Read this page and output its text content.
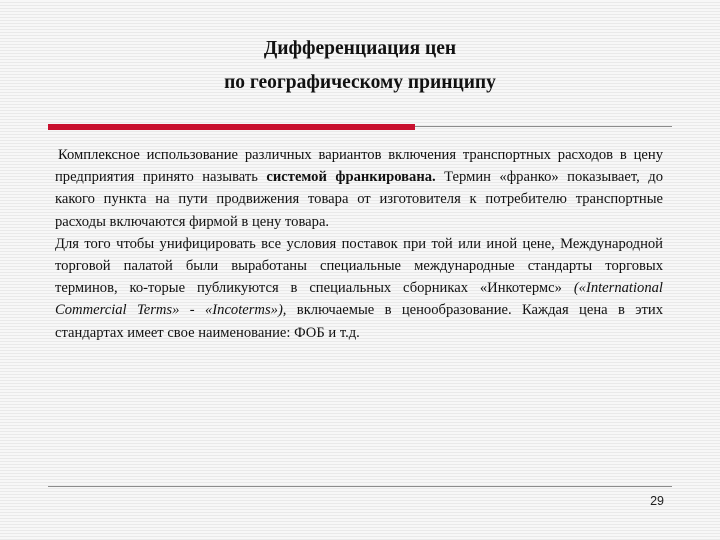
Дифференциация цен
по географическому принципу

Комплексное использование различных вариантов включения транспортных расходов в цену предприятия принято называть системой франкирована. Термин «франко» показывает, до какого пункта на пути продвижения товара от изготовителя к потребителю транспортные расходы включаются фирмой в цену товара.

Для того чтобы унифицировать все условия поставок при той или иной цене, Международной торговой палатой были выработаны специальные международные стандарты торговых терминов, ко-торые публикуются в специальных сборниках «Инкотермс» («International Commercial Terms» - «Incoterms»), включаемые в ценообразование. Каждая цена в этих стандартах имеет свое наименование: ФОБ и т.д.

29
